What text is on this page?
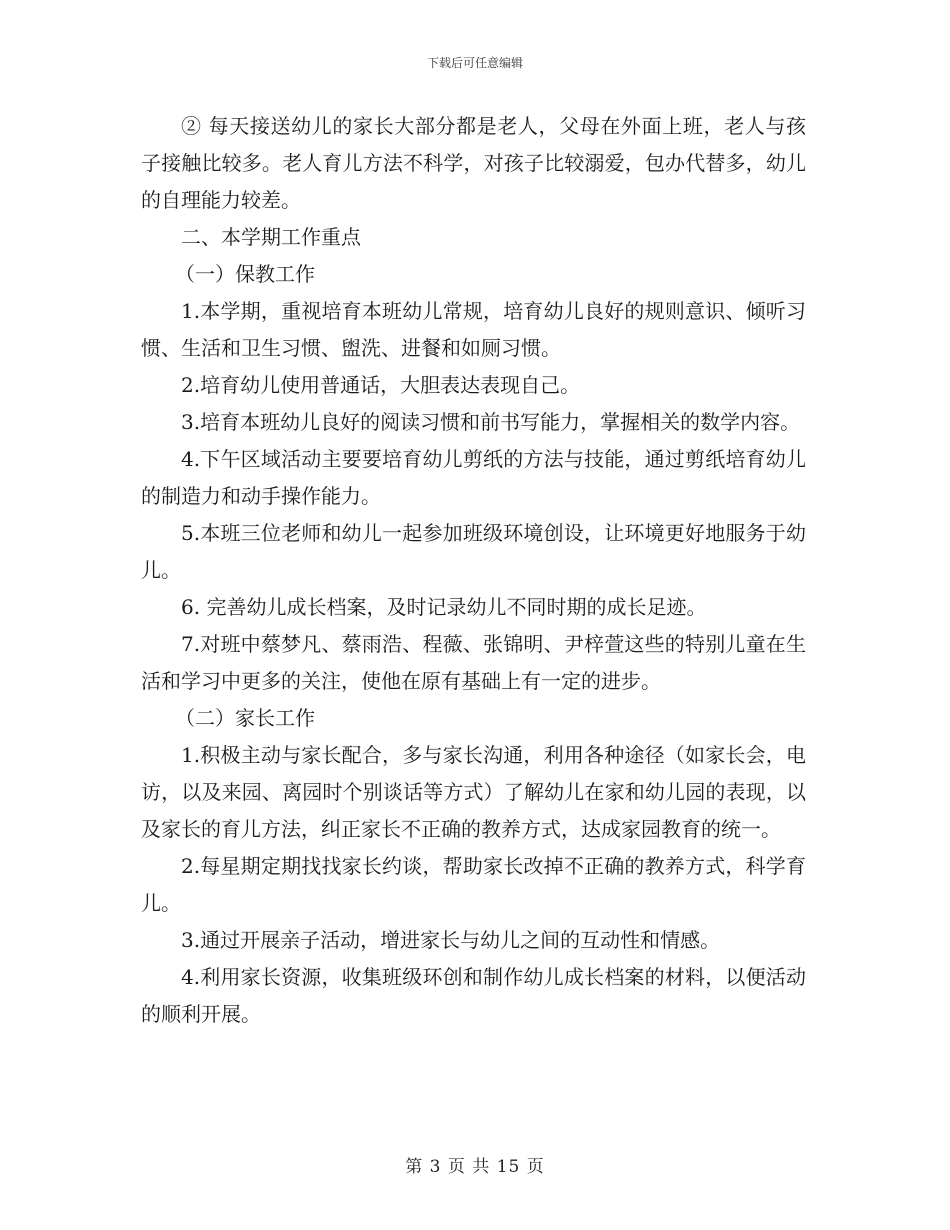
下载后可任意编辑

② 每天接送幼儿的家长大部分都是老人，父母在外面上班，老人与孩子接触比较多。老人育儿方法不科学，对孩子比较溺爱，包办代替多，幼儿的自理能力较差。

二、本学期工作重点

（一）保教工作

1.本学期，重视培育本班幼儿常规，培育幼儿良好的规则意识、倾听习惯、生活和卫生习惯、盥洗、进餐和如厕习惯。

2.培育幼儿使用普通话，大胆表达表现自己。

3.培育本班幼儿良好的阅读习惯和前书写能力，掌握相关的数学内容。

4.下午区域活动主要要培育幼儿剪纸的方法与技能，通过剪纸培育幼儿的制造力和动手操作能力。

5.本班三位老师和幼儿一起参加班级环境创设，让环境更好地服务于幼儿。

6. 完善幼儿成长档案，及时记录幼儿不同时期的成长足迹。

7.对班中蔡梦凡、蔡雨浩、程薇、张锦明、尹梓萱这些的特别儿童在生活和学习中更多的关注，使他在原有基础上有一定的进步。

（二）家长工作

1.积极主动与家长配合，多与家长沟通，利用各种途径（如家长会，电访，以及来园、离园时个别谈话等方式）了解幼儿在家和幼儿园的表现，以及家长的育儿方法，纠正家长不正确的教养方式，达成家园教育的统一。

2.每星期定期找找家长约谈，帮助家长改掉不正确的教养方式，科学育儿。

3.通过开展亲子活动，增进家长与幼儿之间的互动性和情感。

4.利用家长资源，收集班级环创和制作幼儿成长档案的材料，以便活动的顺利开展。

第 3 页 共 15 页
